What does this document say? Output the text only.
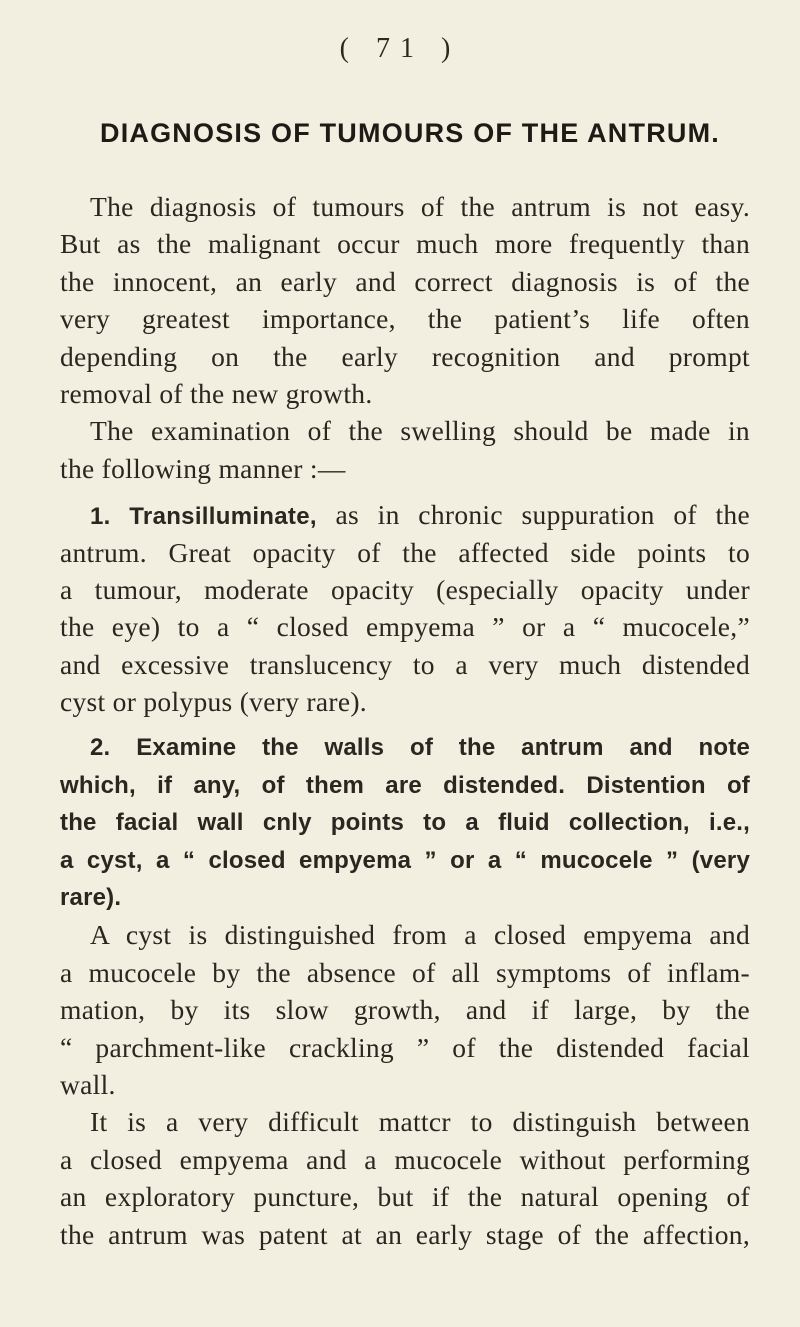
( 71 )
DIAGNOSIS OF TUMOURS OF THE ANTRUM.
The diagnosis of tumours of the antrum is not easy.
But as the malignant occur much more frequently than
the innocent, an early and correct diagnosis is of the
very greatest importance, the patient’s life often
depending on the early recognition and prompt
removal of the new growth.
The examination of the swelling should be made in
the following manner :—
1. Transilluminate, as in chronic suppuration of the
antrum. Great opacity of the affected side points to
a tumour, moderate opacity (especially opacity under
the eye) to a “ closed empyema ” or a “ mucocele,”
and excessive translucency to a very much distended
cyst or polypus (very rare).
2. Examine the walls of the antrum and note
which, if any, of them are distended. Distention of
the facial wall cnly points to a fluid collection, i.e.,
a cyst, a “ closed empyema ” or a “ mucocele ” (very
rare).
A cyst is distinguished from a closed empyema and
a mucocele by the absence of all symptoms of inflam-
mation, by its slow growth, and if large, by the
“ parchment-like crackling ” of the distended facial
wall.
It is a very difficult mattcr to distinguish between
a closed empyema and a mucocele without performing
an exploratory puncture, but if the natural opening of
the antrum was patent at an early stage of the affection,
